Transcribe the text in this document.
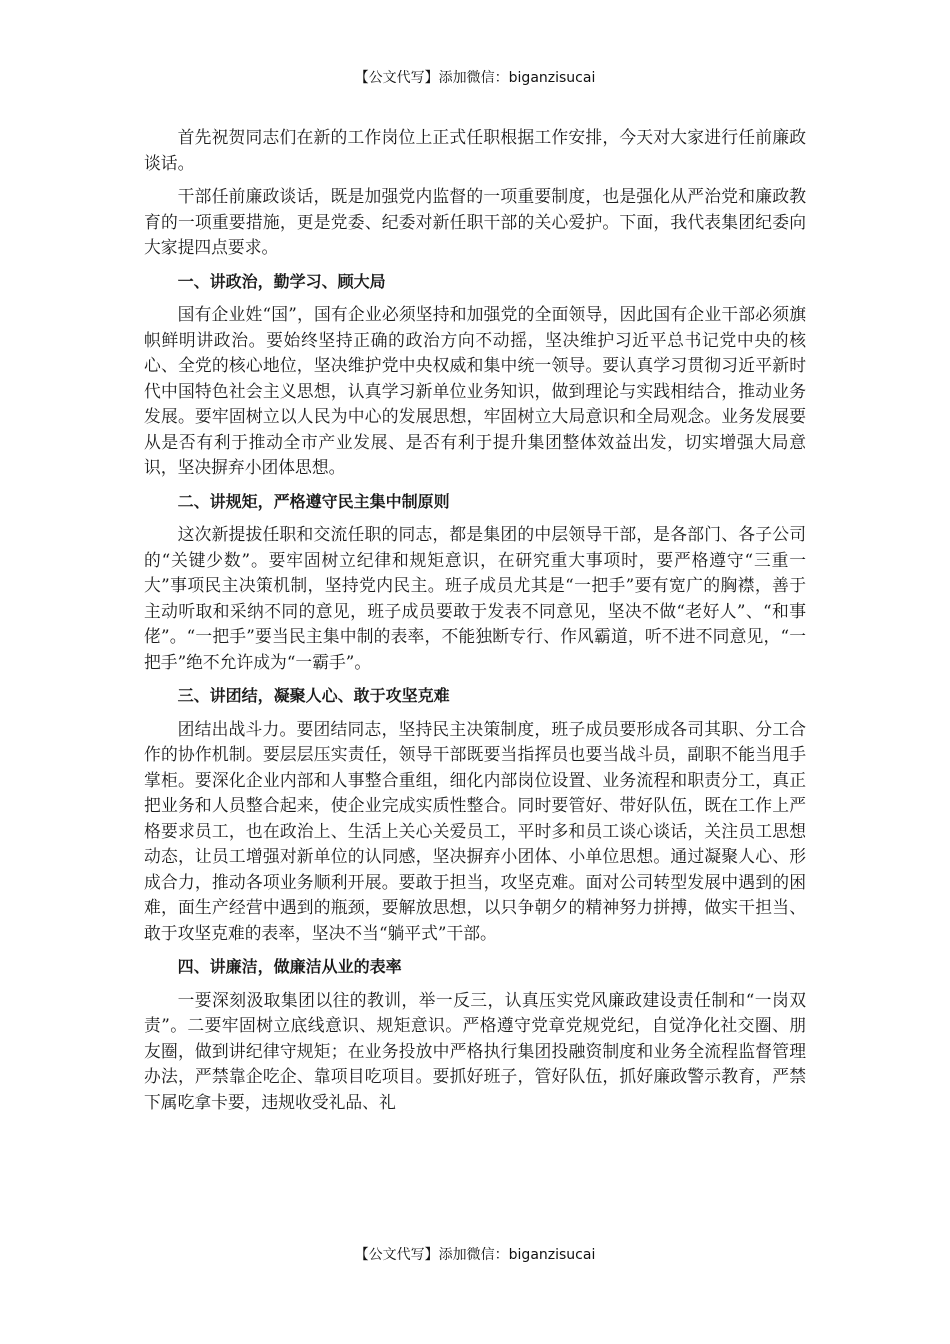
【公文代写】添加微信：biganzisucai

首先祝贺同志们在新的工作岗位上正式任职根据工作安排，今天对大家进行任前廉政谈话。

干部任前廉政谈话，既是加强党内监督的一项重要制度，也是强化从严治党和廉政教育的一项重要措施，更是党委、纪委对新任职干部的关心爱护。下面，我代表集团纪委向大家提四点要求。

一、讲政治，勤学习、顾大局

国有企业姓“国”，国有企业必须坚持和加强党的全面领导，因此国有企业干部必须旗帜鲜明讲政治。要始终坚持正确的政治方向不动摇，坚决维护习近平总书记党中央的核心、全党的核心地位，坚决维护党中央权威和集中统一领导。要认真学习贯彻习近平新时代中国特色社会主义思想，认真学习新单位业务知识，做到理论与实践相结合，推动业务发展。要牢固树立以人民为中心的发展思想，牢固树立大局意识和全局观念。业务发展要从是否有利于推动全市产业发展、是否有利于提升集团整体效益出发，切实增强大局意识，坚决摒弃小团体思想。

二、讲规矩，严格遵守民主集中制原则

这次新提拔任职和交流任职的同志，都是集团的中层领导干部，是各部门、各子公司的“关键少数”。要牢固树立纪律和规矩意识，在研究重大事项时，要严格遵守“三重一大”事项民主决策机制，坚持党内民主。班子成员尤其是“一把手”要有宽广的胸襟，善于主动听取和采纳不同的意见，班子成员要敢于发表不同意见，坚决不做“老好人”、“和事佬”。“一把手”要当民主集中制的表率，不能独断专行、作风霸道，听不进不同意见，“一把手”绝不允许成为“一霸手”。

三、讲团结，凝聚人心、敢于攻坚克难

团结出战斗力。要团结同志，坚持民主决策制度，班子成员要形成各司其职、分工合作的协作机制。要层层压实责任，领导干部既要当指挥员也要当战斗员，副职不能当甩手掌柜。要深化企业内部和人事整合重组，细化内部岗位设置、业务流程和职责分工，真正把业务和人员整合起来，使企业完成实质性整合。同时要管好、带好队伍，既在工作上严格要求员工，也在政治上、生活上关心关爱员工，平时多和员工谈心谈话，关注员工思想动态，让员工增强对新单位的认同感，坚决摒弃小团体、小单位思想。通过凝聚人心、形成合力，推动各项业务顺利开展。要敢于担当，攻坚克难。面对公司转型发展中遇到的困难，面生产经营中遇到的瓶颈，要解放思想，以只争朝夕的精神努力拼搏，做实干担当、敢于攻坚克难的表率，坚决不当“躺平式”干部。

四、讲廉洁，做廉洁从业的表率

一要深刻汲取集团以往的教训，举一反三，认真压实党风廉政建设责任制和“一岗双责”。二要牢固树立底线意识、规矩意识。严格遵守党章党规党纪，自觉净化社交圈、朋友圈，做到讲纪律守规矩；在业务投放中严格执行集团投融资制度和业务全流程监督管理办法，严禁靠企吃企、靠项目吃项目。要抓好班子，管好队伍，抓好廉政警示教育，严禁下属吃拿卡要，违规收受礼品、礼

【公文代写】添加微信：biganzisucai
